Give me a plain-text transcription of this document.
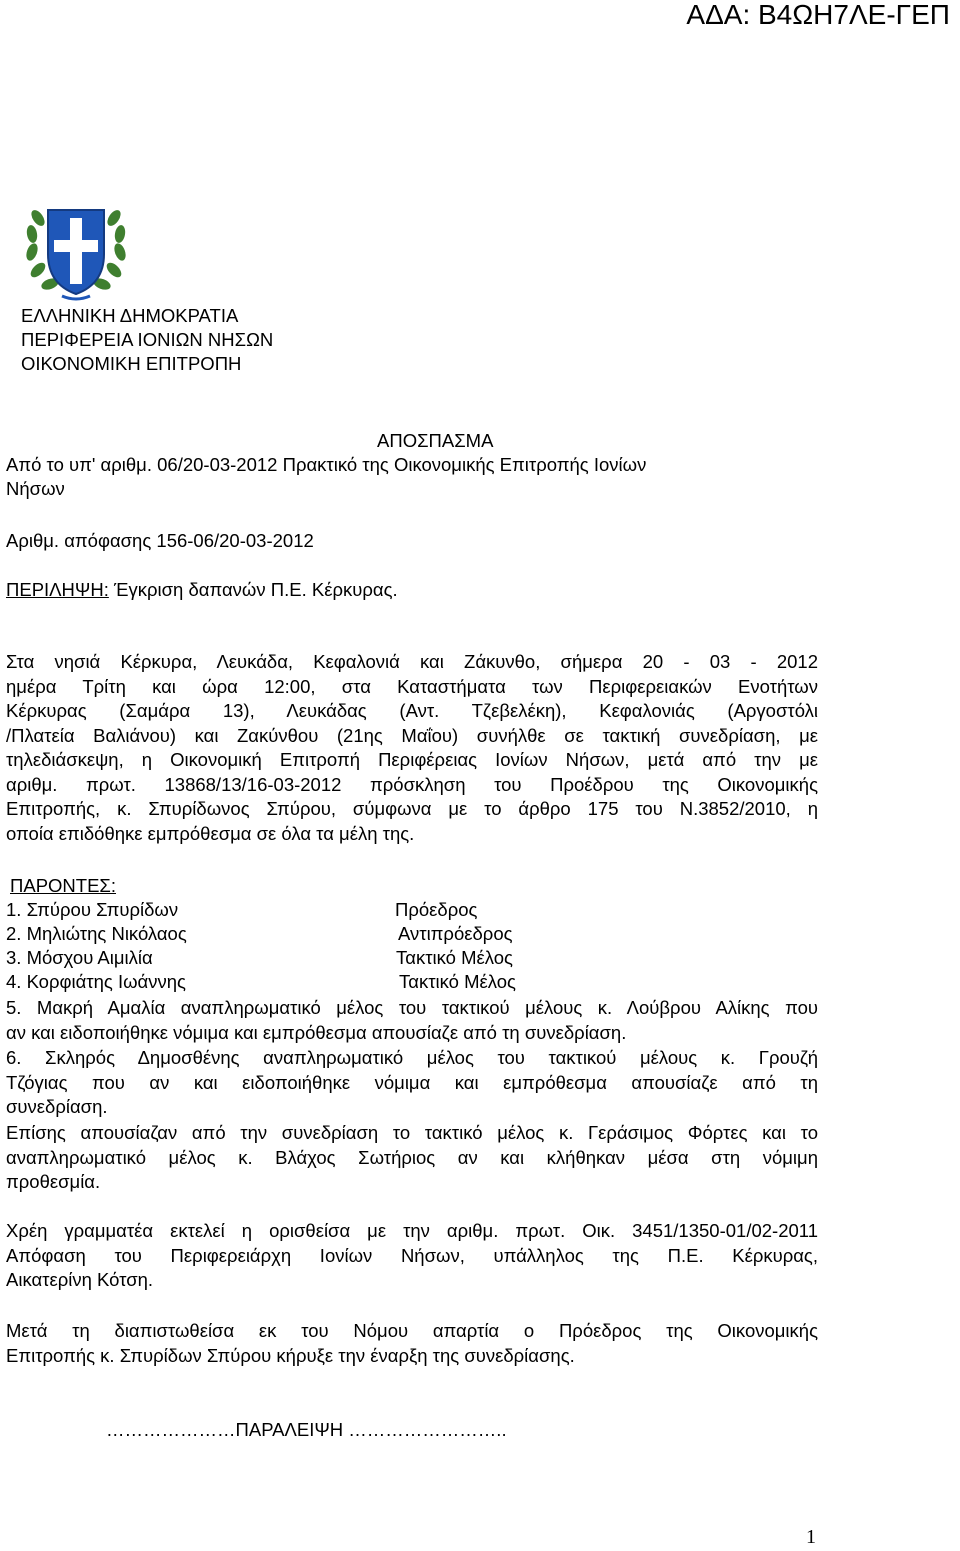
ΑΔΑ: Β4ΩΗ7ΛΕ-ΓΕΠ
ΕΛΛΗΝΙΚΗ ΔΗΜΟΚΡΑΤΙΑ
ΠΕΡΙΦΕΡΕΙΑ ΙΟΝΙΩΝ ΝΗΣΩΝ
ΟΙΚΟΝΟΜΙΚΗ ΕΠΙΤΡΟΠΗ
ΑΠΟΣΠΑΣΜΑ
Από το υπ' αριθμ. 06/20-03-2012 Πρακτικό της Οικονομικής Επιτροπής Ιονίων
Νήσων
Αριθμ. απόφασης 156-06/20-03-2012
ΠΕΡΙΛΗΨΗ: Έγκριση δαπανών Π.Ε. Κέρκυρας.
Στα νησιά Κέρκυρα, Λευκάδα, Κεφαλονιά και Ζάκυνθο, σήμερα 20 - 03 - 2012
ημέρα Τρίτη και ώρα 12:00, στα Καταστήματα των Περιφερειακών Ενοτήτων
Κέρκυρας (Σαμάρα 13), Λευκάδας (Αντ. Τζεβελέκη), Κεφαλονιάς (Αργοστόλι
/Πλατεία Βαλιάνου) και Ζακύνθου (21ης Μαΐου) συνήλθε σε τακτική συνεδρίαση, με
τηλεδιάσκεψη, η Οικονομική Επιτροπή Περιφέρειας Ιονίων Νήσων, μετά από την με
αριθμ. πρωτ. 13868/13/16-03-2012 πρόσκληση του Προέδρου της Οικονομικής
Επιτροπής, κ. Σπυρίδωνος Σπύρου, σύμφωνα με το άρθρο 175 του Ν.3852/2010, η
οποία επιδόθηκε εμπρόθεσμα σε όλα τα μέλη της.
ΠΑΡΟΝΤΕΣ:
1. Σπύρου Σπυρίδων	Πρόεδρος
2. Μηλιώτης Νικόλαος	Αντιπρόεδρος
3. Μόσχου Αιμιλία	Τακτικό Μέλος
4. Κορφιάτης Ιωάννης	Τακτικό Μέλος
5. Μακρή Αμαλία αναπληρωματικό μέλος του τακτικού μέλους κ. Λούβρου Αλίκης που
αν και ειδοποιήθηκε νόμιμα και εμπρόθεσμα απουσίαζε από τη συνεδρίαση.
6. Σκληρός Δημοσθένης αναπληρωματικό μέλος του τακτικού μέλους κ. Γρουζή
Τζόγιας που αν και ειδοποιήθηκε νόμιμα και εμπρόθεσμα απουσίαζε από τη
συνεδρίαση.
Επίσης απουσίαζαν από την συνεδρίαση το τακτικό μέλος κ. Γεράσιμος Φόρτες και το
αναπληρωματικό μέλος κ. Βλάχος Σωτήριος αν και κλήθηκαν μέσα στη νόμιμη
προθεσμία.
Χρέη γραμματέα εκτελεί η ορισθείσα με την αριθμ. πρωτ. Οικ. 3451/1350-01/02-2011
Απόφαση του Περιφερειάρχη Ιονίων Νήσων, υπάλληλος της Π.Ε. Κέρκυρας,
Αικατερίνη Κότση.
Μετά τη διαπιστωθείσα εκ του Νόμου απαρτία ο Πρόεδρος της Οικονομικής
Επιτροπής κ. Σπυρίδων Σπύρου κήρυξε την έναρξη της συνεδρίασης.
…………………ΠΑΡΑΛΕΙΨΗ ……………………..
1
